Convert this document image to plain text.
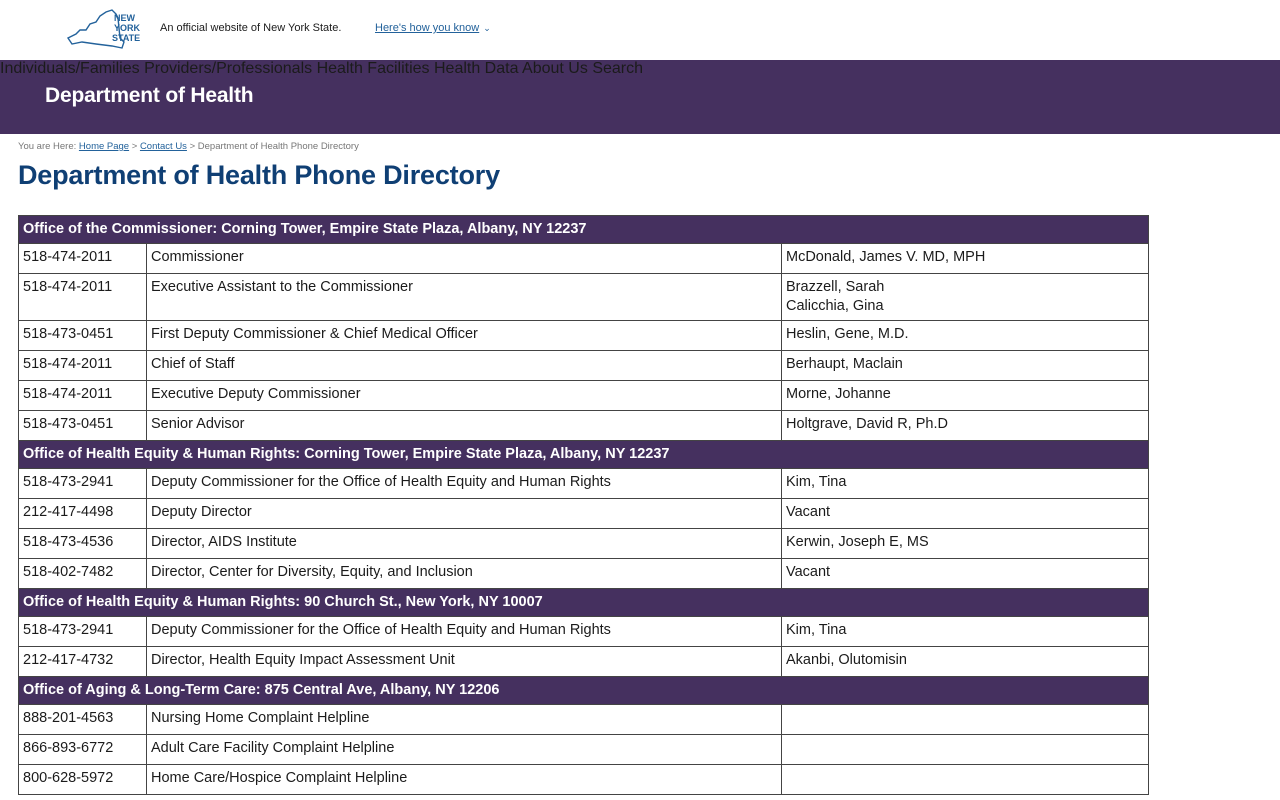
NEW
YORK
STATE
An official website of New York State.	Here's how you know ⌄
Department of Health
Individuals/Families Providers/Professionals Health Facilities Health Data About Us Search
You are Here: Home Page > Contact Us > Department of Health Phone Directory
Department of Health Phone Directory
Office of the Commissioner: Corning Tower, Empire State Plaza, Albany, NY 12237		
518-474-2011	Commissioner	McDonald, James V. MD, MPH

518-474-2011	Executive Assistant to the Commissioner	Brazzell, Sarah
Calicchia, Gina

518-473-0451	First Deputy Commissioner & Chief Medical Officer	Heslin, Gene, M.D.

518-474-2011	Chief of Staff	Berhaupt, Maclain

518-474-2011	Executive Deputy Commissioner	Morne, Johanne

518-473-0451	Senior Advisor	Holtgrave, David R, Ph.D

Office of Health Equity & Human Rights: Corning Tower, Empire State Plaza, Albany, NY 12237		
518-473-2941	Deputy Commissioner for the Office of Health Equity and Human Rights	Kim, Tina

212-417-4498	Deputy Director	Vacant

518-473-4536	Director, AIDS Institute	Kerwin, Joseph E, MS

518-402-7482	Director, Center for Diversity, Equity, and Inclusion	Vacant

Office of Health Equity & Human Rights: 90 Church St., New York, NY 10007		
518-473-2941	Deputy Commissioner for the Office of Health Equity and Human Rights	Kim, Tina

212-417-4732	Director, Health Equity Impact Assessment Unit	Akanbi, Olutomisin

Office of Aging & Long-Term Care: 875 Central Ave, Albany, NY 12206		
888-201-4563	Nursing Home Complaint Helpline	
866-893-6772	Adult Care Facility Complaint Helpline	
800-628-5972	Home Care/Hospice Complaint Helpline	
